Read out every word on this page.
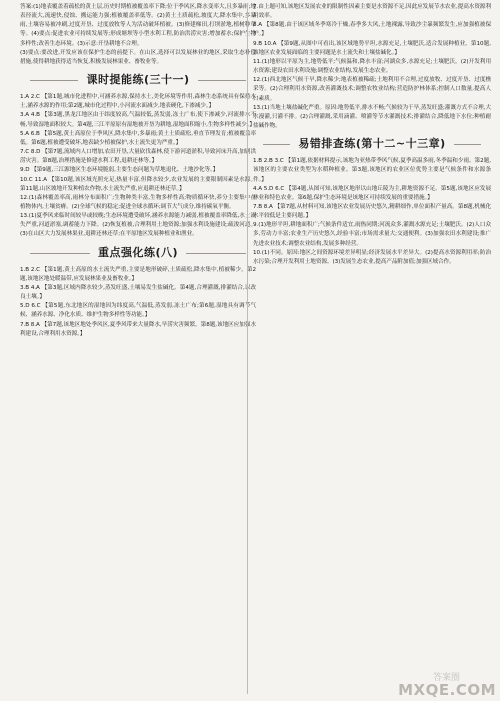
答案:(1)地表覆盖着疏松的黄土层,历史时期植被覆盖率下降;位于季风区,降水变率大,且多暴雨;地表径流大,流速快,侵蚀、搬运能力强;植被覆盖率低等。(2)黄土土质疏松,坡度大,降水集中,多暴雨,土壤容易被冲刷,过度开垦、过度放牧等人为活动破坏植被。(3)修建梯田,打坝淤地,植树种草等。(4)要点:促进农业可持续发展等;形成塘坝等小型水利工程,防治洪涝灾害;增加蓄水;保护生物多样性;改善生态环境。(3)示意:开垦耕地不合理。

(3)要点:要改进,开发应该在保护生态的前提下。在山区,选择可以发展林业的地区,采取生态补偿措施,使得耕地获得适当恢复,积极发展林果业、畜牧业等。

课时提能练(三十一)

1.A 2.C 【第1题,城市化进程中,可涵养水源,保持水土,美化环境等作用,森林生态系统具有保持水土,涵养水源的作用;第2题,城市化过程中,小河流水面减少,地表硬化,下渗减少。】

3.A 4.B 【第3题,黑龙江地区由于纬度较高,气温较低,蒸发弱,冻土广布,使下渗减少,河流排水不畅,导致湿地面积较大。第4题,三江平原原有湿地被开垦为耕地,湿地面积缩小,生物多样性减少。】

5.A 6.B 【第5题,黄土高原位于季风区,降水集中,多暴雨;黄土土质疏松,垂直节理发育;植被覆盖率低。第6题,植被遭受破坏,地表缺少植被保护,水土流失更为严重。】

7.C 8.D 【第7题,流域内人口增加,农田开垦,大量砍伐森林,使下游河道淤积,导致河床升高,加剧洪涝灾害。第8题,治理措施是修建水利工程,退耕还林等。】

9.D 【第9题,三江源地区生态环境脆弱,主要生态问题为草地退化、土地沙化等。】

10.C 11.A 【第10题,该区域光照充足,热量丰富,但降水较少,农业发展的主要限制因素是水源。第11题,山区坡地开发种植农作物,水土流失严重,应退耕还林还草。】

12.(1)森林覆盖率高,雨林分布面积广;生物种类丰富,生物多样性高;物质循环快,养分主要集中在植物体内,土壤贫瘠。(2)全球气候的稳定;促进全球水循环;调节大气成分,维持碳氧平衡。

13.(1)夏季风来临时间较早或较晚;生态环境遭受破坏,涵养水源能力减弱,植被覆盖率降低,水土流失严重,河道淤塞,调蓄能力下降。(2)恢复植被,合理利用土地资源;加强水利设施建设;疏浚河道。(3)在山区大力发展林果业,退耕还林还草;在平原地区发展种植业和渔业。

重点强化练(八)

1.B 2.C 【第1题,黄土高原的水土流失严重,主要是地形破碎,土质疏松,降水集中,植被稀少。第2题,该地区地处暖温带,应发展林果业及畜牧业。】

3.B 4.A 【第3题,区域内降水较少,蒸发旺盛,土壤易发生盐碱化。第4题,合理灌溉,排灌结合,以改良土壤。】

5.D 6.C 【第5题,东北地区的湿地因为纬度高,气温低,蒸发弱,冻土广布;第6题,湿地具有调节气候、涵养水源、净化水质、维护生物多样性等功能。】

7.B 8.A 【第7题,该地区地处季风区,夏季风带来大量降水,旱涝灾害频繁。第8题,该地区应加强水利建设,合理利用水资源。】

7.由上题可知,该地区发展农业的限制性因素主要是水资源不足,因此应发展节水农业,提高水资源利用效率。

8.A 【第8题,由于该区域冬季寒冷干燥,春季多大风,土地裸露,导致沙尘暴频繁发生,应加强植被保护。】

9.B 10.A 【第9题,从图中可看出,该区域地势平坦,水源充足,土壤肥沃,适合发展种植业。第10题,该地区农业发展面临的主要问题是水土流失和土壤盐碱化。】

11.(1)地形以平原为主,地势低平;气候温和,降水丰富;河湖众多,水源充足;土壤肥沃。(2)开发利用水资源;建设农田水利设施;调整农业结构,发展生态农业。

12.(1)西北地区气候干旱,降水稀少;地表植被稀疏;土地利用不合理,过度放牧、过度开垦、过度樵采等。(2)合理利用水资源,改善灌溉技术;调整农牧业结构;营造防护林体系;控制人口数量,提高人口素质。

13.(1)当地土壤盐碱化严重。原因:地势低平,排水不畅;气候较为干旱,蒸发旺盛;灌溉方式不合理,大水漫灌,只灌不排。(2)合理灌溉,采用滴灌、喷灌等节水灌溉技术;排灌结合,降低地下水位;种植耐盐碱作物。

易错排查练(第十二~十三章)

1.B 2.B 3.C 【第1题,依据材料提示,该地为亚热带季风气候,夏季高温多雨,冬季温和少雨。第2题,该地区的主要农业类型为水稻种植业。第3题,该地区的农业区位优势主要是气候条件和水源条件。】

4.A 5.D 6.C 【第4题,从图可知,该地区地形以山地丘陵为主,耕地资源不足。第5题,该地区应发展林业和特色农业。第6题,保护生态环境是该地区可持续发展的重要措施。】

7.B 8.A 【第7题,从材料可知,该地区农业发展历史悠久,精耕细作,单位面积产量高。第8题,机械化水平较低是主要问题。】

9.(1)地形平坦,耕地面积广;气候条件适宜,雨热同期;河流众多,灌溉水源充足;土壤肥沃。(2)人口众多,劳动力丰富;农业生产历史悠久,经验丰富;市场需求量大;交通便利。(3)加强农田水利建设;推广先进农业技术;调整农业结构,发展多种经营。

10.(1)不同。原因:地区之间资源环境差异明显;经济发展水平差异大。(2)提高水资源利用率;防治水污染;合理开发利用土地资源。(3)发展生态农业,提高产品附加值;加强区域合作。

答案圈
MXQE.COM
